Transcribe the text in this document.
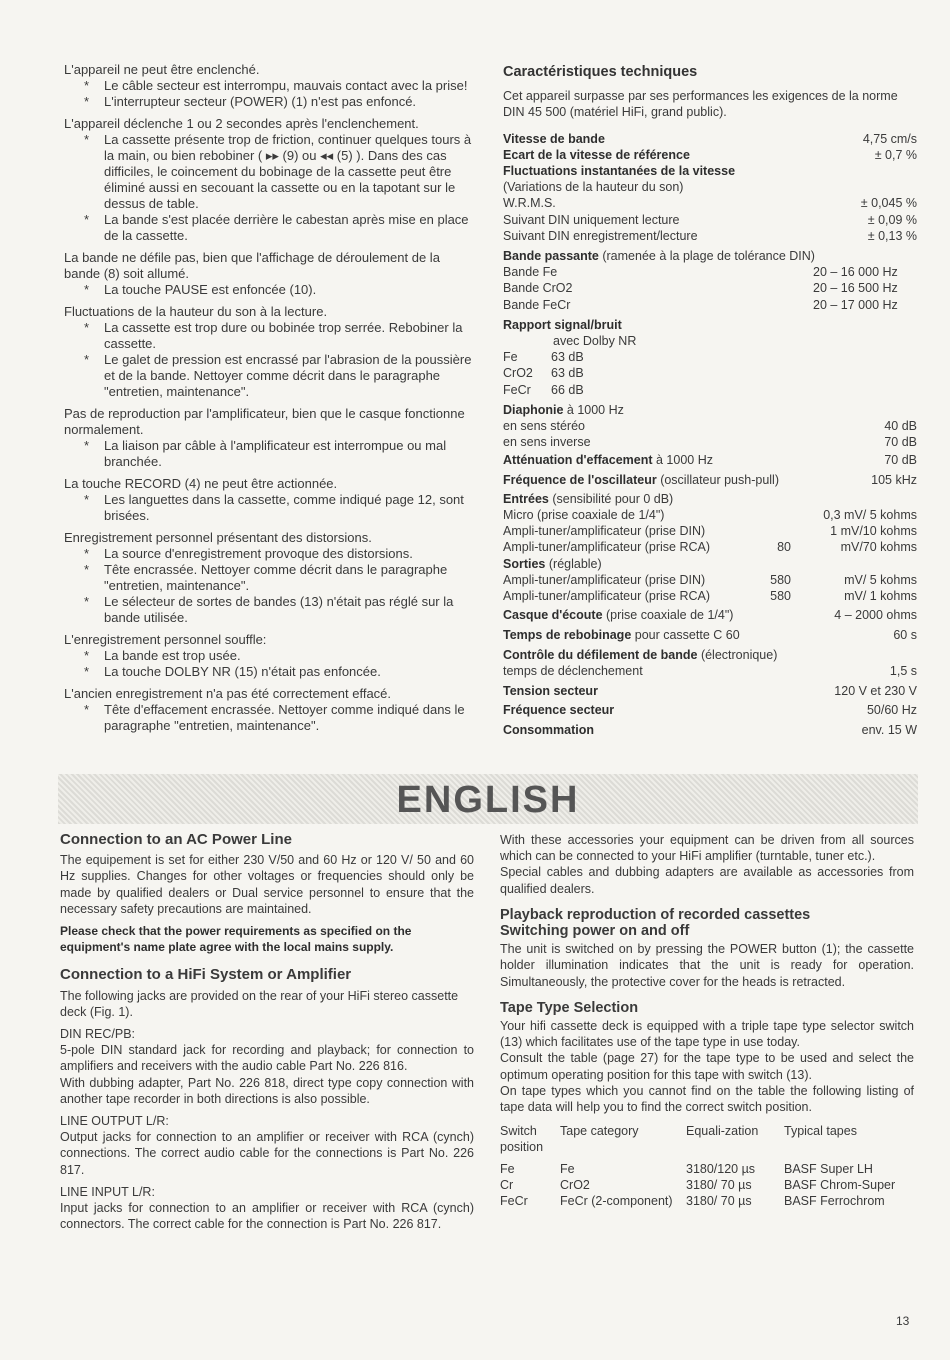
L'appareil ne peut être enclenché.

*	Le câble secteur est interrompu, mauvais contact avec la prise!
*	L'interrupteur secteur (POWER) (1) n'est pas enfoncé.

L'appareil déclenche 1 ou 2 secondes après l'enclenchement.

*	La cassette présente trop de friction, continuer quelques tours à la main, ou bien rebobiner ( ▸▸ (9) ou ◂◂ (5) ). Dans des cas difficiles, le coincement du bobinage de la cassette peut être éliminé aussi en secouant la cassette ou en la tapotant sur le dessus de table.
*	La bande s'est placée derrière le cabestan après mise en place de la cassette.

La bande ne défile pas, bien que l'affichage de déroulement de la bande (8) soit allumé.

*	La touche PAUSE est enfoncée (10).

Fluctuations de la hauteur du son à la lecture.

*	La cassette est trop dure ou bobinée trop serrée. Rebobiner la cassette.
*	Le galet de pression est encrassé par l'abrasion de la poussière et de la bande. Nettoyer comme décrit dans le paragraphe "entretien, maintenance".

Pas de reproduction par l'amplificateur, bien que le casque fonctionne normalement.

*	La liaison par câble à l'amplificateur est interrompue ou mal branchée.

La touche RECORD (4) ne peut être actionnée.

*	Les languettes dans la cassette, comme indiqué page 12, sont brisées.

Enregistrement personnel présentant des distorsions.

*	La source d'enregistrement provoque des distorsions.
*	Tête encrassée. Nettoyer comme décrit dans le paragraphe "entretien, maintenance".
*	Le sélecteur de sortes de bandes (13) n'était pas réglé sur la bande utilisée.

L'enregistrement personnel souffle:

*	La bande est trop usée.
*	La touche DOLBY NR (15) n'était pas enfoncée.

L'ancien enregistrement n'a pas été correctement effacé.

*	Tête d'effacement encrassée. Nettoyer comme indiqué dans le paragraphe "entretien, maintenance".

Caractéristiques techniques

Cet appareil surpasse par ses performances les exigences de la norme DIN 45 500 (matériel HiFi, grand public).

Vitesse de bande	4,75 cm/s
Ecart de la vitesse de référence	± 0,7 %
Fluctuations instantanées de la vitesse
(Variations de la hauteur du son)
W.R.M.S.	± 0,045 %
Suivant DIN uniquement lecture	± 0,09 %
Suivant DIN enregistrement/lecture	± 0,13 %
Bande passante (ramenée à la plage de tolérance DIN)
Bande Fe	20 – 16 000 Hz
Bande CrO2	20 – 16 500 Hz
Bande FeCr	20 – 17 000 Hz
Rapport signal/bruit
avec Dolby NR
Fe	63 dB
CrO2	63 dB
FeCr	66 dB
Diaphonie à 1000 Hz
en sens stéréo	40 dB
en sens inverse	70 dB
Atténuation d'effacement à 1000 Hz	70 dB
Fréquence de l'oscillateur (oscillateur push-pull)	105 kHz
Entrées (sensibilité pour 0 dB)
Micro (prise coaxiale de 1/4")	0,3 mV/ 5 kohms
Ampli-tuner/amplificateur (prise DIN)	1 mV/10 kohms
Ampli-tuner/amplificateur (prise RCA)	80	mV/70 kohms
Sorties (réglable)
Ampli-tuner/amplificateur (prise DIN)	580	mV/ 5 kohms
Ampli-tuner/amplificateur (prise RCA)	580	mV/ 1 kohms
Casque d'écoute (prise coaxiale de 1/4")	4 – 2000 ohms
Temps de rebobinage pour cassette C 60	60 s
Contrôle du défilement de bande (électronique)
temps de déclenchement	1,5 s
Tension secteur	120 V et 230 V
Fréquence secteur	50/60 Hz
Consommation	env. 15 W
ENGLISH

Connection to an AC Power Line

The equipement is set for either 230 V/50 and 60 Hz or 120 V/ 50 and 60 Hz supplies. Changes for other voltages or frequencies should only be made by qualified dealers or Dual service personnel to ensure that the necessary safety precautions are maintained.

Please check that the power requirements as specified on the equipment's name plate agree with the local mains supply.

Connection to a HiFi System or Amplifier

The following jacks are provided on the rear of your HiFi stereo cassette deck (Fig. 1).

DIN REC/PB:

5-pole DIN standard jack for recording and playback; for connection to amplifiers and receivers with the audio cable Part No. 226 816.

With dubbing adapter, Part No. 226 818, direct type copy connection with another tape recorder in both directions is also possible.

LINE OUTPUT L/R:

Output jacks for connection to an amplifier or receiver with RCA (cynch) connections. The correct audio cable for the connections is Part No. 226 817.

LINE INPUT L/R:

Input jacks for connection to an amplifier or receiver with RCA (cynch) connectors. The correct cable for the connection is Part No. 226 817.

With these accessories your equipment can be driven from all sources which can be connected to your HiFi amplifier (turntable, tuner etc.).

Special cables and dubbing adapters are available as accessories from qualified dealers.

Playback reproduction of recorded cassettes

Switching power on and off

The unit is switched on by pressing the POWER button (1); the cassette holder illumination indicates that the unit is ready for operation. Simultaneously, the protective cover for the heads is retracted.

Tape Type Selection

Your hifi cassette deck is equipped with a triple tape type selector switch (13) which facilitates use of the tape type in use today.

Consult the table (page 27) for the tape type to be used and select the optimum operating position for this tape with switch (13).

On tape types which you cannot find on the table the following listing of tape data will help you to find the correct switch position.

Switch position	Tape category	Equali-zation	Typical tapes

Fe	Fe	3180/120 µs	BASF Super LH
Cr	CrO2	3180/ 70 µs	BASF Chrom-Super
FeCr	FeCr (2-component)	3180/ 70 µs	BASF Ferrochrom
13
